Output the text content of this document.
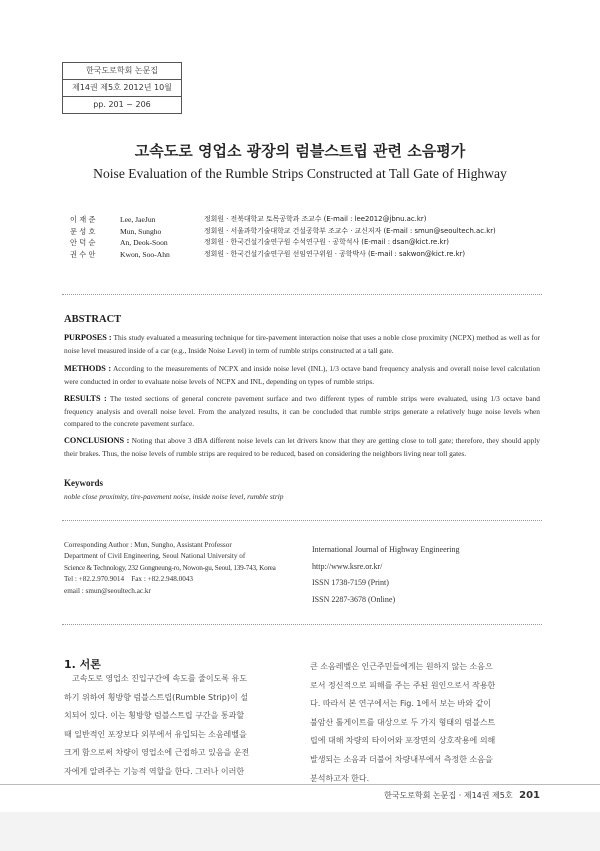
한국도로학회 논문집
제14권 제5호 2012년 10월
pp. 201 ~ 206
고속도로 영업소 광장의 럼블스트립 관련 소음평가
Noise Evaluation of the Rumble Strips Constructed at Tall Gate of Highway
이 재 준	Lee, JaeJun	정회원 · 전북대학교 토목공학과 조교수 (E-mail : lee2012@jbnu.ac.kr)
문 성 호	Mun, Sungho	정회원 · 서울과학기술대학교 건설공학부 조교수 · 교신저자 (E-mail : smun@seoultech.ac.kr)
안 덕 순	An, Deok-Soon	정회원 · 한국건설기술연구원 수석연구원 · 공학석사 (E-mail : dsan@kict.re.kr)
권 수 안	Kwon, Soo-Ahn	정회원 · 한국건설기술연구원 선임연구위원 · 공학박사 (E-mail : sakwon@kict.re.kr)
ABSTRACT
PURPOSES : This study evaluated a measuring technique for tire-pavement interaction noise that uses a noble close proximity (NCPX) method as well as for noise level measured inside of a car (e.g., Inside Noise Level) in term of rumble strips constructed at a tall gate.
METHODS : According to the measurements of NCPX and inside noise level (INL), 1/3 octave band frequency analysis and overall noise level calculation were conducted in order to evaluate noise levels of NCPX and INL, depending on types of rumble strips.
RESULTS : The tested sections of general concrete pavement surface and two different types of rumble strips were evaluated, using 1/3 octave band frequency analysis and overall noise level. From the analyzed results, it can be concluded that rumble strips generate a relatively huge noise levels when compared to the concrete pavement surface.
CONCLUSIONS : Noting that above 3 dBA different noise levels can let drivers know that they are getting close to toll gate; therefore, they should apply their brakes. Thus, the noise levels of rumble strips are required to be reduced, based on considering the neighbors living near toll gates.
Keywords
noble close proximity, tire-pavement noise, inside noise level, rumble strip
Corresponding Author : Mun, Sungho, Assistant Professor
Department of Civil Engineering, Seoul National University of
Science & Technology, 232 Gongneung-ro, Nowon-gu, Seoul, 139-743, Korea
Tel : +82.2.970.9014    Fax : +82.2.948.0043
email : smun@seoultech.ac.kr
International Journal of Highway Engineering
http://www.ksre.or.kr/
ISSN 1738-7159 (Print)
ISSN 2287-3678 (Online)
1. 서론
고속도로 영업소 진입구간에 속도를 줄이도록 유도
하기 위하여 횡방향 럼블스트립(Rumble Strip)이 설
치되어 있다. 이는 횡방향 럼블스트립 구간을 통과할
때 일반적인 포장보다 외부에서 유입되는 소음레벨을
크게 함으로써 차량이 영업소에 근접하고 있음을 운전
자에게 알려주는 기능적 역할을 한다. 그러나 이러한
큰 소음레벨은 인근주민들에게는 원하지 않는 소음으
로서 정신적으로 피해를 주는 주된 원인으로서 작용한
다. 따라서 본 연구에서는 Fig. 1에서 보는 바와 같이
불암산 톨게이트를 대상으로 두 가지 형태의 럼블스트
립에 대해 차량의 타이어와 포장면의 상호작용에 의해
발생되는 소음과 더불어 차량내부에서 측정한 소음을
분석하고자 한다.
한국도로학회 논문집 · 제14권 제5호 201
